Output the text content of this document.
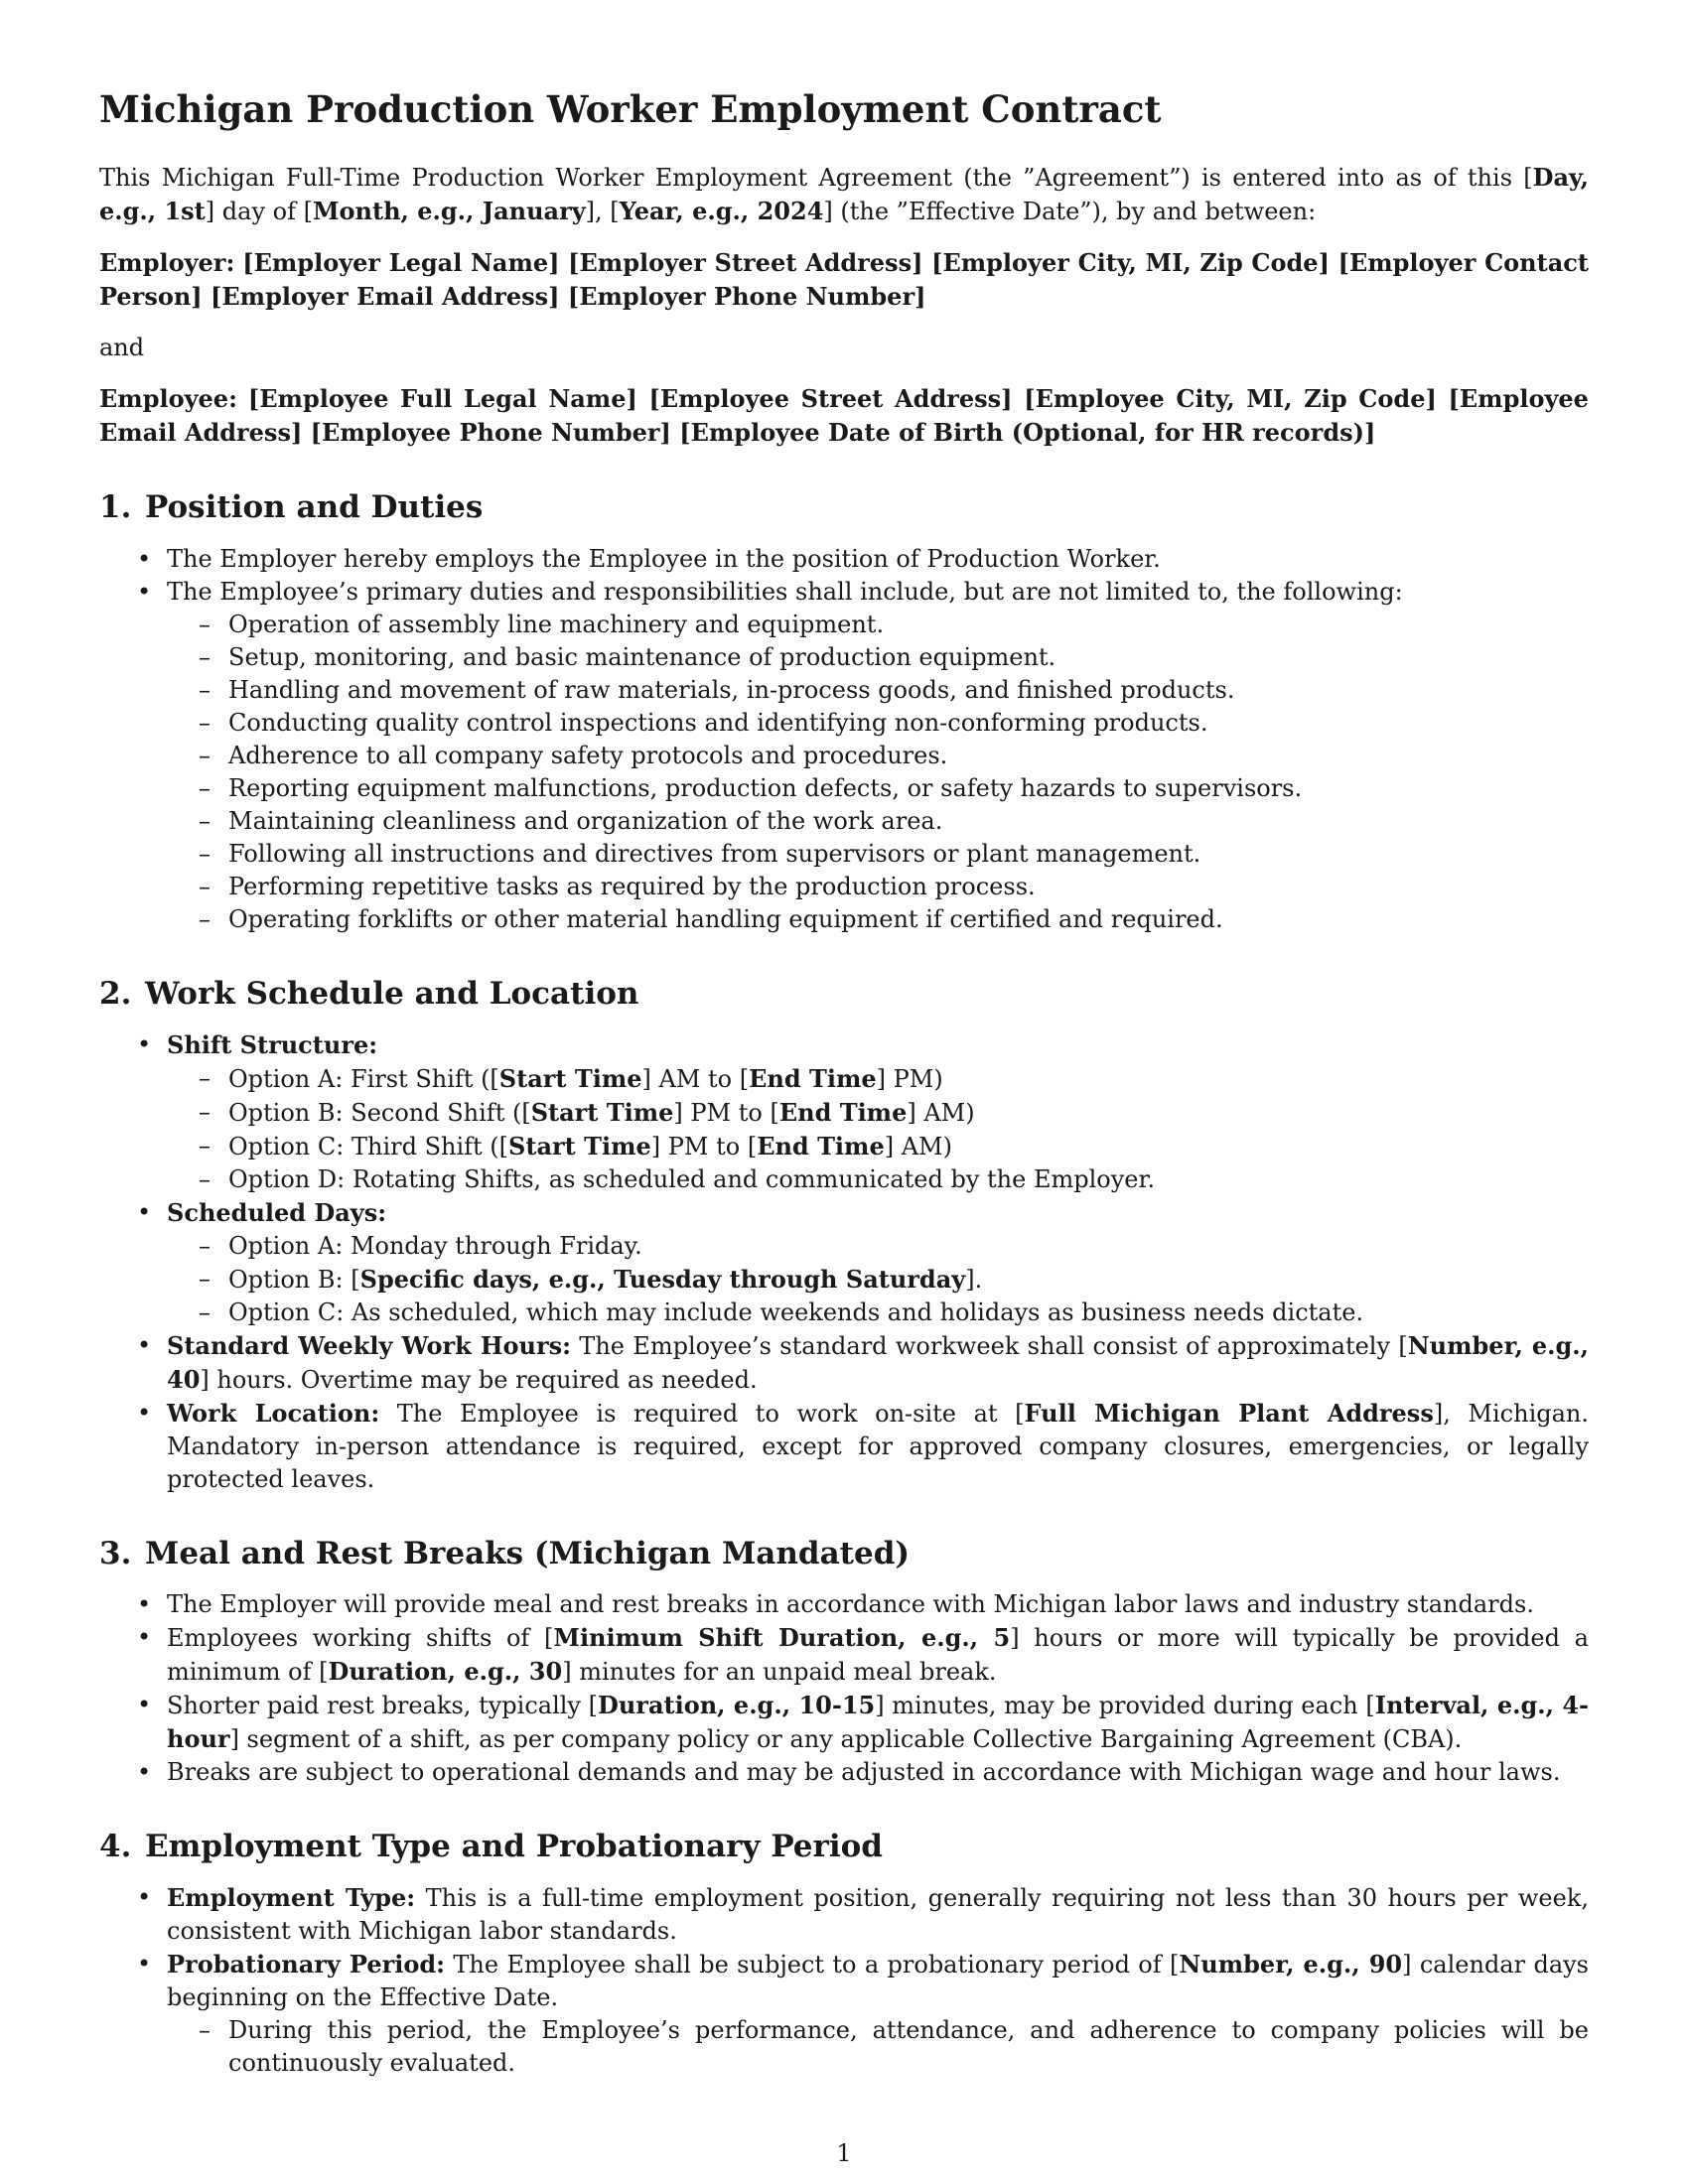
Michigan Production Worker Employment Contract

This Michigan Full-Time Production Worker Employment Agreement (the ”Agreement”) is entered into as of this [Day, e.g., 1st] day of [Month, e.g., January], [Year, e.g., 2024] (the ”Effective Date”), by and between:

Employer: [Employer Legal Name] [Employer Street Address] [Employer City, MI, Zip Code] [Employer Contact Person] [Employer Email Address] [Employer Phone Number]

and

Employee: [Employee Full Legal Name] [Employee Street Address] [Employee City, MI, Zip Code] [Employee Email Address] [Employee Phone Number] [Employee Date of Birth (Optional, for HR records)]

1. Position and Duties
• The Employer hereby employs the Employee in the position of Production Worker.
• The Employee’s primary duties and responsibilities shall include, but are not limited to, the following:
– Operation of assembly line machinery and equipment.
– Setup, monitoring, and basic maintenance of production equipment.
– Handling and movement of raw materials, in-process goods, and finished products.
– Conducting quality control inspections and identifying non-conforming products.
– Adherence to all company safety protocols and procedures.
– Reporting equipment malfunctions, production defects, or safety hazards to supervisors.
– Maintaining cleanliness and organization of the work area.
– Following all instructions and directives from supervisors or plant management.
– Performing repetitive tasks as required by the production process.
– Operating forklifts or other material handling equipment if certified and required.
2. Work Schedule and Location
• Shift Structure:
– Option A: First Shift ([Start Time] AM to [End Time] PM)
– Option B: Second Shift ([Start Time] PM to [End Time] AM)
– Option C: Third Shift ([Start Time] PM to [End Time] AM)
– Option D: Rotating Shifts, as scheduled and communicated by the Employer.
• Scheduled Days:
– Option A: Monday through Friday.
– Option B: [Specific days, e.g., Tuesday through Saturday].
– Option C: As scheduled, which may include weekends and holidays as business needs dictate.
• Standard Weekly Work Hours: The Employee’s standard workweek shall consist of approximately [Number, e.g., 40] hours. Overtime may be required as needed.
• Work Location: The Employee is required to work on-site at [Full Michigan Plant Address], Michigan. Mandatory in-person attendance is required, except for approved company closures, emergencies, or legally protected leaves.
3. Meal and Rest Breaks (Michigan Mandated)
• The Employer will provide meal and rest breaks in accordance with Michigan labor laws and industry standards.
• Employees working shifts of [Minimum Shift Duration, e.g., 5] hours or more will typically be provided a minimum of [Duration, e.g., 30] minutes for an unpaid meal break.
• Shorter paid rest breaks, typically [Duration, e.g., 10-15] minutes, may be provided during each [Interval, e.g., 4-hour] segment of a shift, as per company policy or any applicable Collective Bargaining Agreement (CBA).
• Breaks are subject to operational demands and may be adjusted in accordance with Michigan wage and hour laws.
4. Employment Type and Probationary Period
• Employment Type: This is a full-time employment position, generally requiring not less than 30 hours per week, consistent with Michigan labor standards.
• Probationary Period: The Employee shall be subject to a probationary period of [Number, e.g., 90] calendar days beginning on the Effective Date.
– During this period, the Employee’s performance, attendance, and adherence to company policies will be continuously evaluated.
1
